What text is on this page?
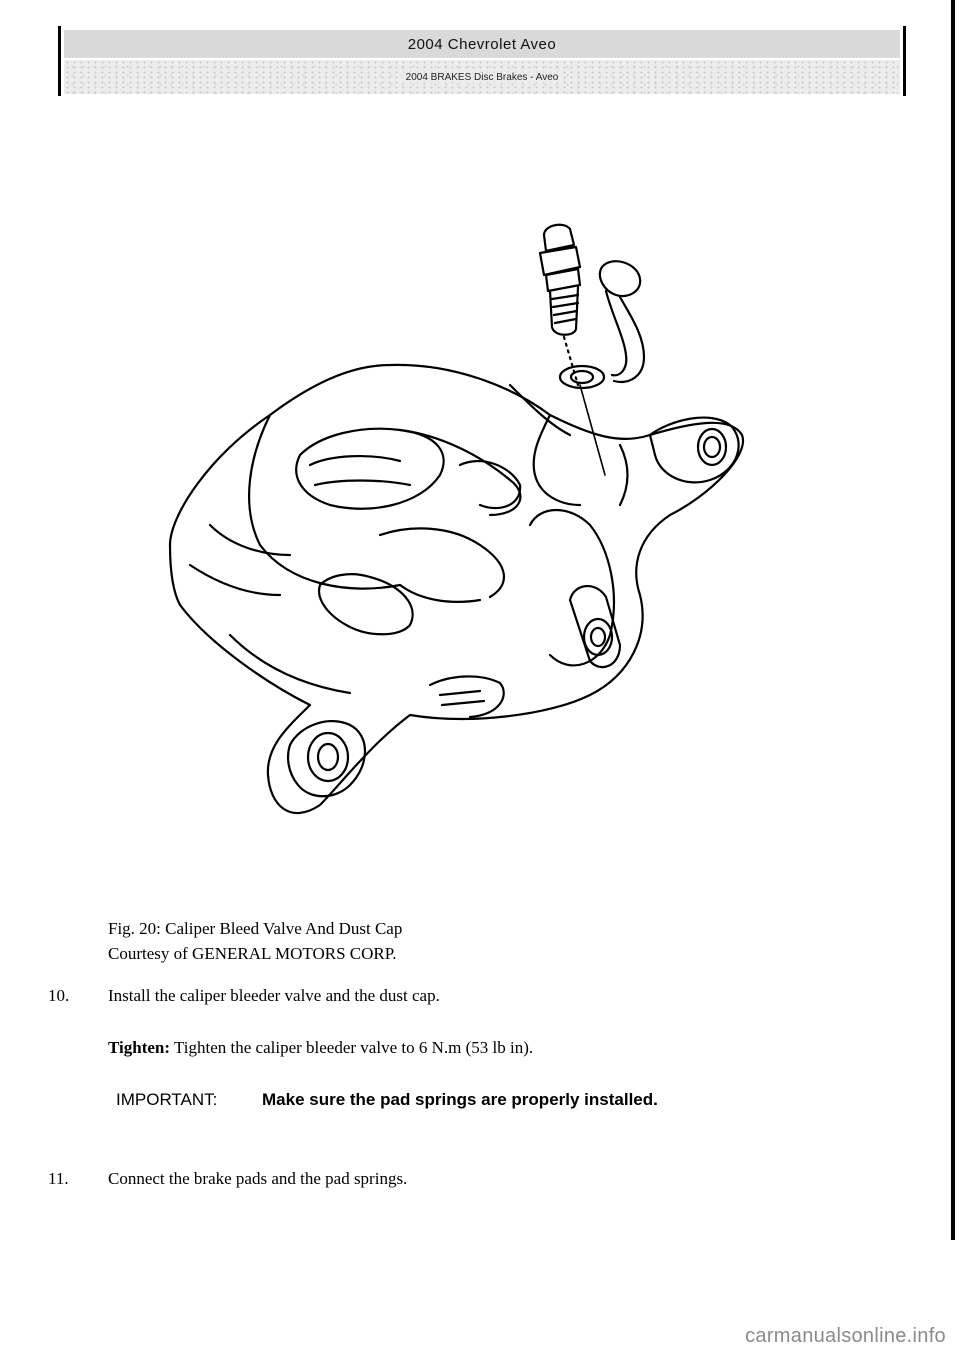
2004 Chevrolet Aveo
2004 BRAKES Disc Brakes - Aveo
Fig. 20: Caliper Bleed Valve And Dust Cap
Courtesy of GENERAL MOTORS CORP.
10.	Install the caliper bleeder valve and the dust cap.
Tighten: Tighten the caliper bleeder valve to 6 N.m (53 lb in).
IMPORTANT:	Make sure the pad springs are properly installed.
11.	Connect the brake pads and the pad springs.
carmanualsonline.info
